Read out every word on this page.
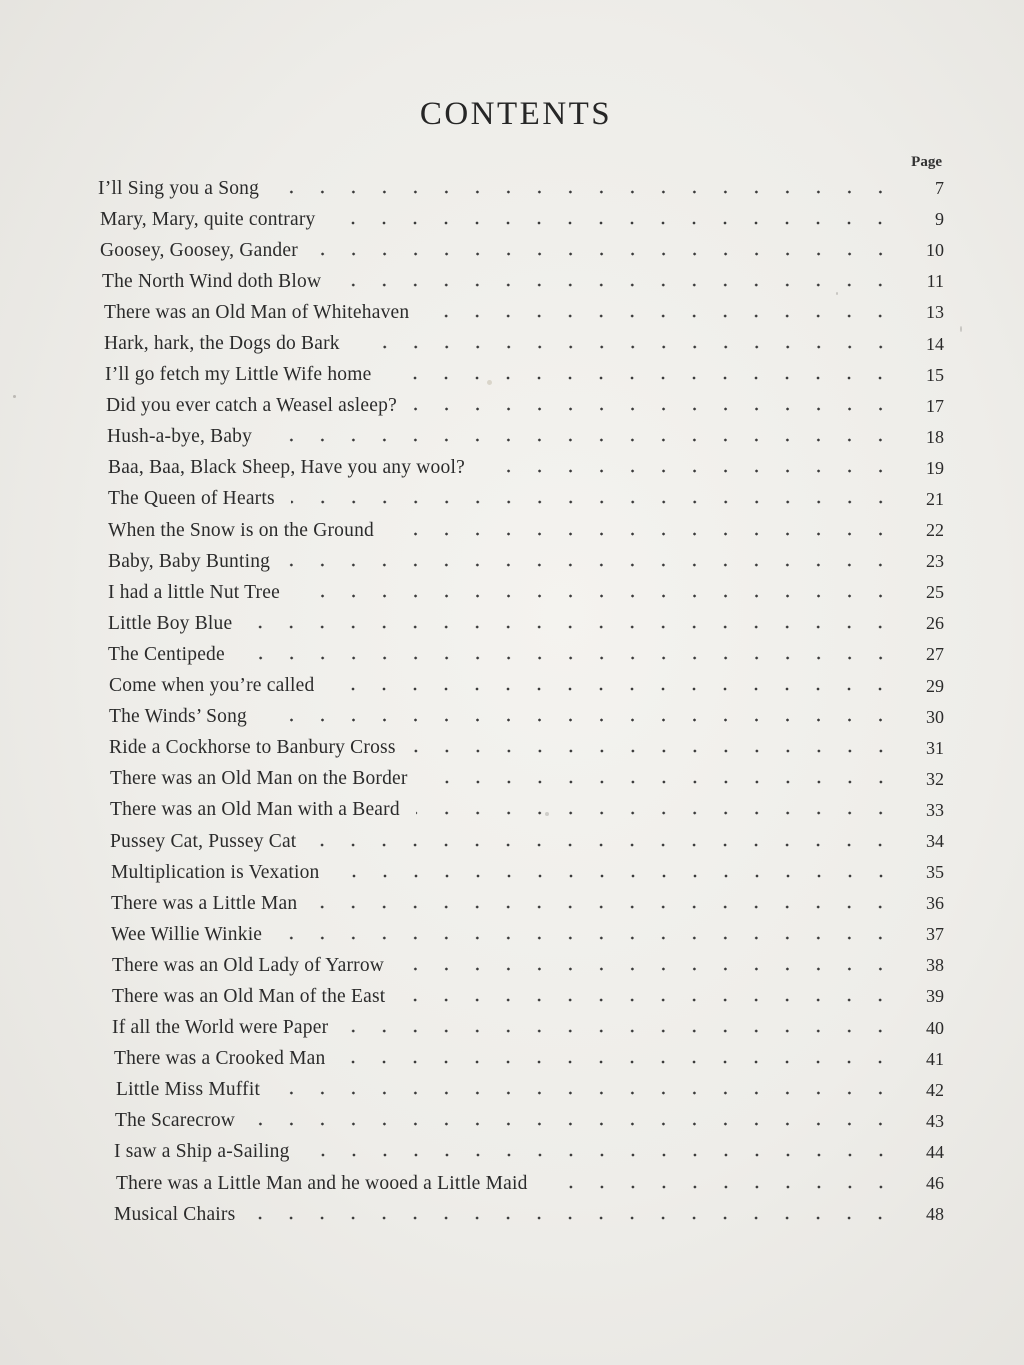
CONTENTS
Page
I’ll Sing you a Song	7
Mary, Mary, quite contrary	9
Goosey, Goosey, Gander	10
The North Wind doth Blow	11
There was an Old Man of Whitehaven	13
Hark, hark, the Dogs do Bark	14
I’ll go fetch my Little Wife home	15
Did you ever catch a Weasel asleep?	17
Hush-a-bye, Baby	18
Baa, Baa, Black Sheep, Have you any wool?	19
The Queen of Hearts	21
When the Snow is on the Ground	22
Baby, Baby Bunting	23
I had a little Nut Tree	25
Little Boy Blue	26
The Centipede	27
Come when you’re called	29
The Winds’ Song	30
Ride a Cockhorse to Banbury Cross	31
There was an Old Man on the Border	32
There was an Old Man with a Beard	33
Pussey Cat, Pussey Cat	34
Multiplication is Vexation	35
There was a Little Man	36
Wee Willie Winkie	37
There was an Old Lady of Yarrow	38
There was an Old Man of the East	39
If all the World were Paper	40
There was a Crooked Man	41
Little Miss Muffit	42
The Scarecrow	43
I saw a Ship a-Sailing	44
There was a Little Man and he wooed a Little Maid	46
Musical Chairs	48
